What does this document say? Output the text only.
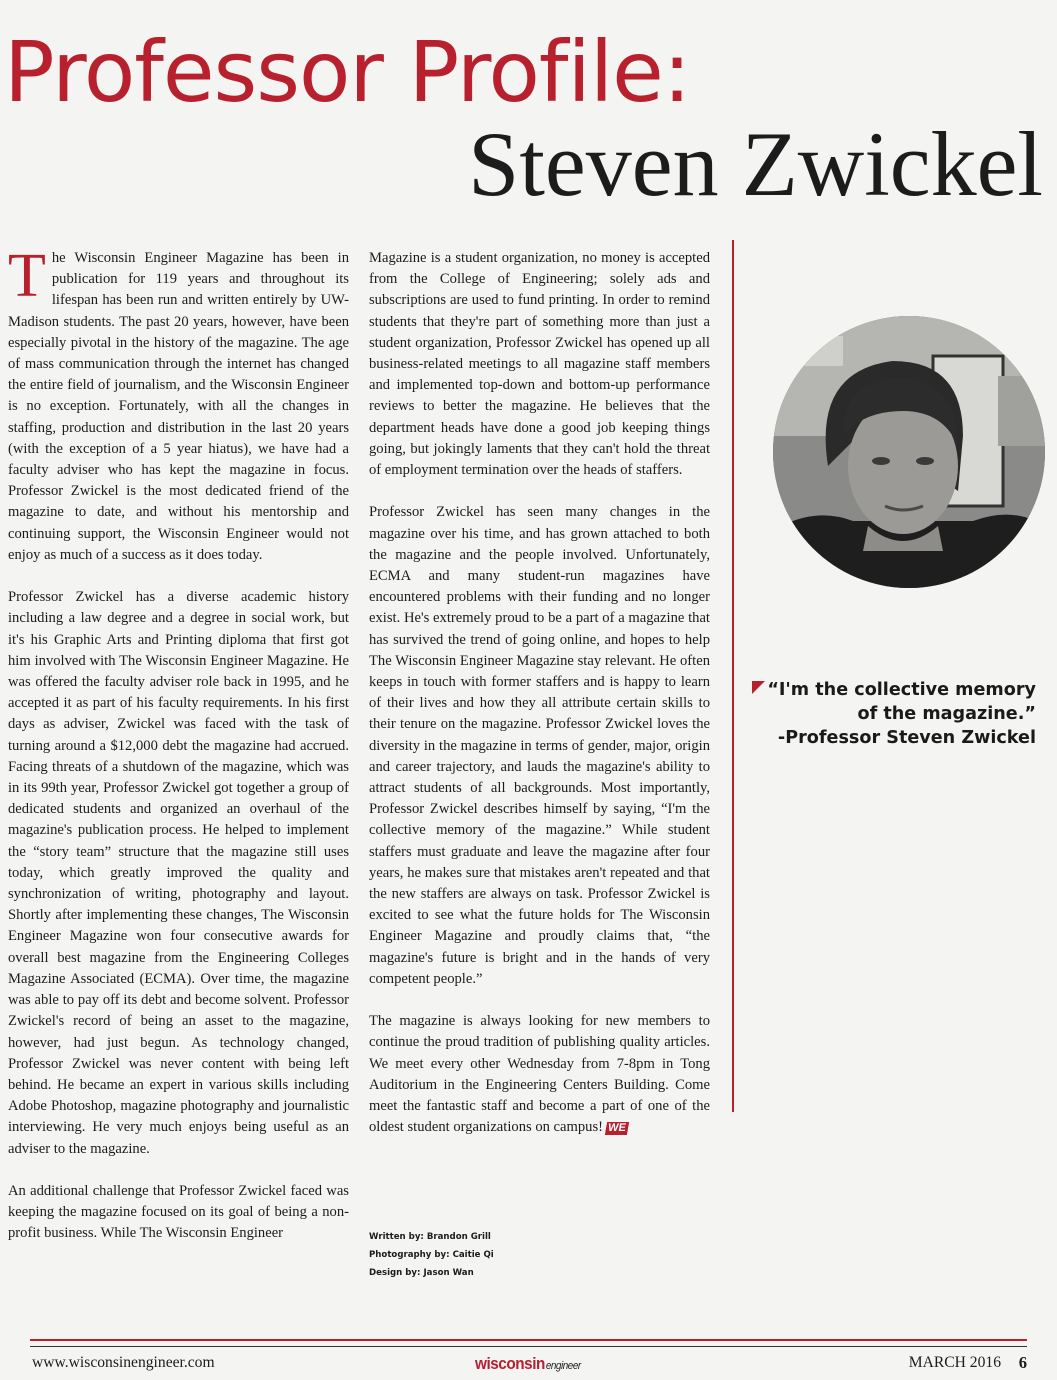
Professor Profile:
Steven Zwickel

The Wisconsin Engineer Magazine has been in publication for 119 years and throughout its lifespan has been run and written entirely by UW-Madison students. The past 20 years, however, have been especially pivotal in the history of the magazine. The age of mass communication through the internet has changed the entire field of journalism, and the Wisconsin Engineer is no exception. Fortunately, with all the changes in staffing, production and distribution in the last 20 years (with the exception of a 5 year hiatus), we have had a faculty adviser who has kept the magazine in focus. Professor Zwickel is the most dedicated friend of the magazine to date, and without his mentorship and continuing support, the Wisconsin Engineer would not enjoy as much of a success as it does today.

Professor Zwickel has a diverse academic history including a law degree and a degree in social work, but it's his Graphic Arts and Printing diploma that first got him involved with The Wisconsin Engineer Magazine. He was offered the faculty adviser role back in 1995, and he accepted it as part of his faculty requirements. In his first days as adviser, Zwickel was faced with the task of turning around a $12,000 debt the magazine had accrued. Facing threats of a shutdown of the magazine, which was in its 99th year, Professor Zwickel got together a group of dedicated students and organized an overhaul of the magazine's publication process. He helped to implement the “story team” structure that the magazine still uses today, which greatly improved the quality and synchronization of writing, photography and layout. Shortly after implementing these changes, The Wisconsin Engineer Magazine won four consecutive awards for overall best magazine from the Engineering Colleges Magazine Associated (ECMA). Over time, the magazine was able to pay off its debt and become solvent. Professor Zwickel's record of being an asset to the magazine, however, had just begun. As technology changed, Professor Zwickel was never content with being left behind. He became an expert in various skills including Adobe Photoshop, magazine photography and journalistic interviewing. He very much enjoys being useful as an adviser to the magazine.

An additional challenge that Professor Zwickel faced was keeping the magazine focused on its goal of being a non-profit business. While The Wisconsin Engineer

Magazine is a student organization, no money is accepted from the College of Engineering; solely ads and subscriptions are used to fund printing. In order to remind students that they're part of something more than just a student organization, Professor Zwickel has opened up all business-related meetings to all magazine staff members and implemented top-down and bottom-up performance reviews to better the magazine. He believes that the department heads have done a good job keeping things going, but jokingly laments that they can't hold the threat of employment termination over the heads of staffers.

Professor Zwickel has seen many changes in the magazine over his time, and has grown attached to both the magazine and the people involved. Unfortunately, ECMA and many student-run magazines have encountered problems with their funding and no longer exist. He's extremely proud to be a part of a magazine that has survived the trend of going online, and hopes to help The Wisconsin Engineer Magazine stay relevant. He often keeps in touch with former staffers and is happy to learn of their lives and how they all attribute certain skills to their tenure on the magazine. Professor Zwickel loves the diversity in the magazine in terms of gender, major, origin and career trajectory, and lauds the magazine's ability to attract students of all backgrounds. Most importantly, Professor Zwickel describes himself by saying, “I'm the collective memory of the magazine.” While student staffers must graduate and leave the magazine after four years, he makes sure that mistakes aren't repeated and that the new staffers are always on task. Professor Zwickel is excited to see what the future holds for The Wisconsin Engineer Magazine and proudly claims that, “the magazine's future is bright and in the hands of very competent people.”

The magazine is always looking for new members to continue the proud tradition of publishing quality articles. We meet every other Wednesday from 7-8pm in Tong Auditorium in the Engineering Centers Building. Come meet the fantastic staff and become a part of one of the oldest student organizations on campus! WE

Written by: Brandon Grill
Photography by: Caitie Qi
Design by: Jason Wan
“I'm the collective memory
of the magazine.”
-Professor Steven Zwickel
www.wisconsinengineer.com	wisconsinengineer	MARCH 2016 6
